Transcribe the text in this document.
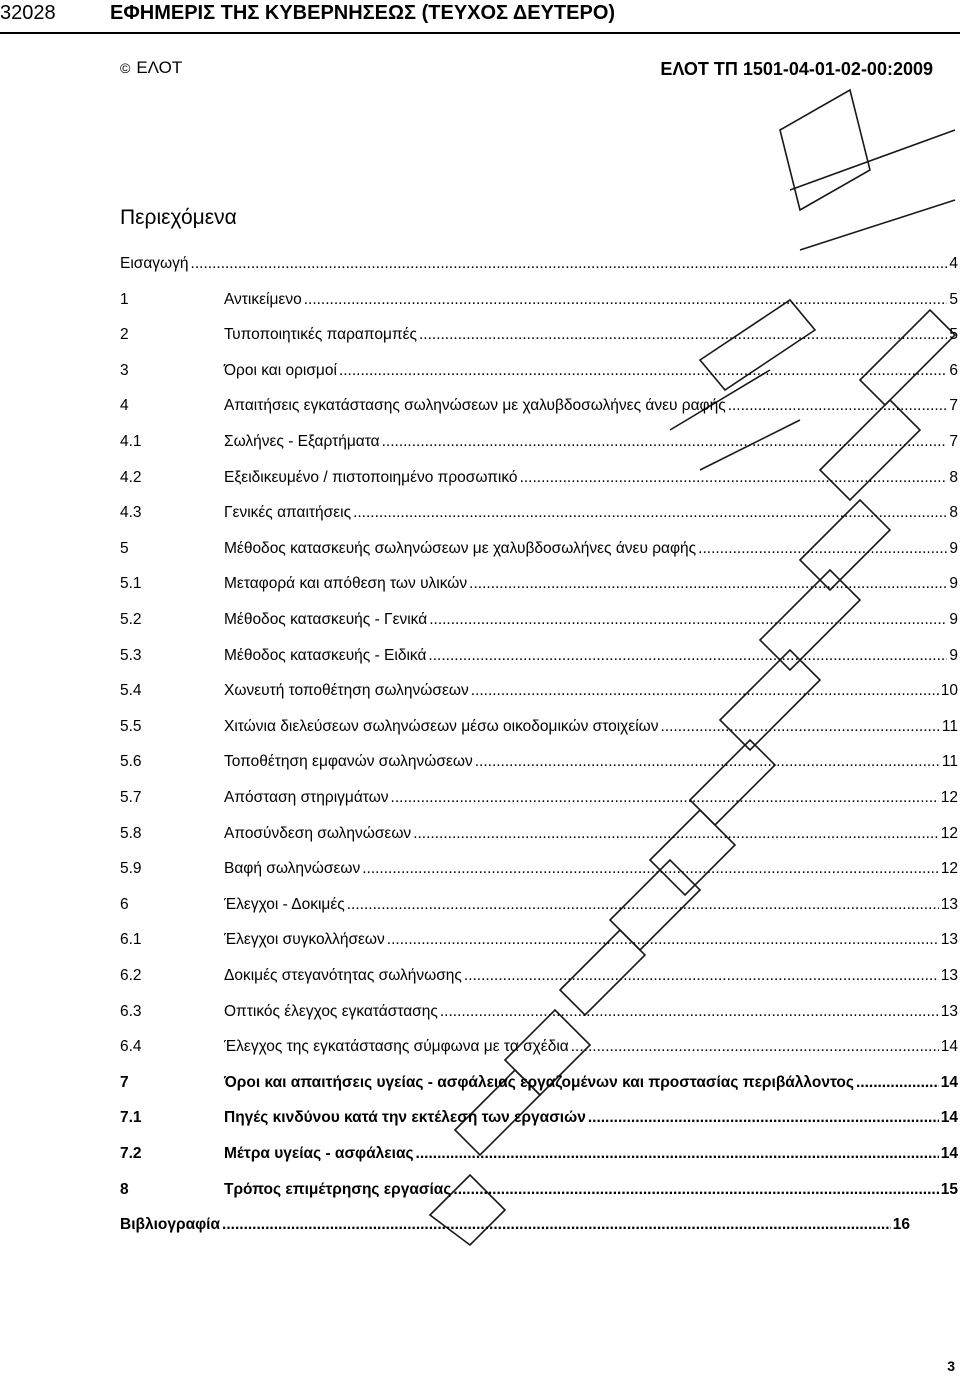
32028	ΕΦΗΜΕΡΙΣ ΤΗΣ ΚΥΒΕΡΝΗΣΕΩΣ (ΤΕΥΧΟΣ ΔΕΥΤΕΡΟ)
© ΕΛΟΤ	ΕΛΟΤ ΤΠ 1501-04-01-02-00:2009
Περιεχόμενα
Εισαγωγή .....	4
1	Αντικείμενο .....	5
2	Τυποποιητικές παραπομπές .....	5
3	Όροι και ορισμοί .....	6
4	Απαιτήσεις εγκατάστασης σωληνώσεων με χαλυβδοσωλήνες άνευ ραφής .....	7
4.1	Σωλήνες - Εξαρτήματα .....	7
4.2	Εξειδικευμένο / πιστοποιημένο προσωπικό .....	8
4.3	Γενικές απαιτήσεις .....	8
5	Μέθοδος κατασκευής σωληνώσεων με χαλυβδοσωλήνες άνευ ραφής .....	9
5.1	Μεταφορά και απόθεση των υλικών .....	9
5.2	Μέθοδος κατασκευής - Γενικά .....	9
5.3	Μέθοδος κατασκευής - Ειδικά .....	9
5.4	Χωνευτή τοποθέτηση σωληνώσεων .....	10
5.5	Χιτώνια διελεύσεων σωληνώσεων μέσω οικοδομικών στοιχείων .....	11
5.6	Τοποθέτηση εμφανών σωληνώσεων .....	11
5.7	Απόσταση στηριγμάτων .....	12
5.8	Αποσύνδεση σωληνώσεων .....	12
5.9	Βαφή σωληνώσεων .....	12
6	Έλεγχοι - Δοκιμές .....	13
6.1	Έλεγχοι συγκολλήσεων .....	13
6.2	Δοκιμές στεγανότητας σωλήνωσης .....	13
6.3	Οπτικός έλεγχος εγκατάστασης .....	13
6.4	Έλεγχος της εγκατάστασης σύμφωνα με τα σχέδια .....	14
7	Όροι και απαιτήσεις υγείας - ασφάλειας εργαζομένων και προστασίας περιβάλλοντος .....	14
7.1	Πηγές κινδύνου κατά την εκτέλεση των εργασιών .....	14
7.2	Μέτρα υγείας - ασφάλειας .....	14
8	Τρόπος επιμέτρησης εργασίας .....	15
Βιβλιογραφία .....	16
3
